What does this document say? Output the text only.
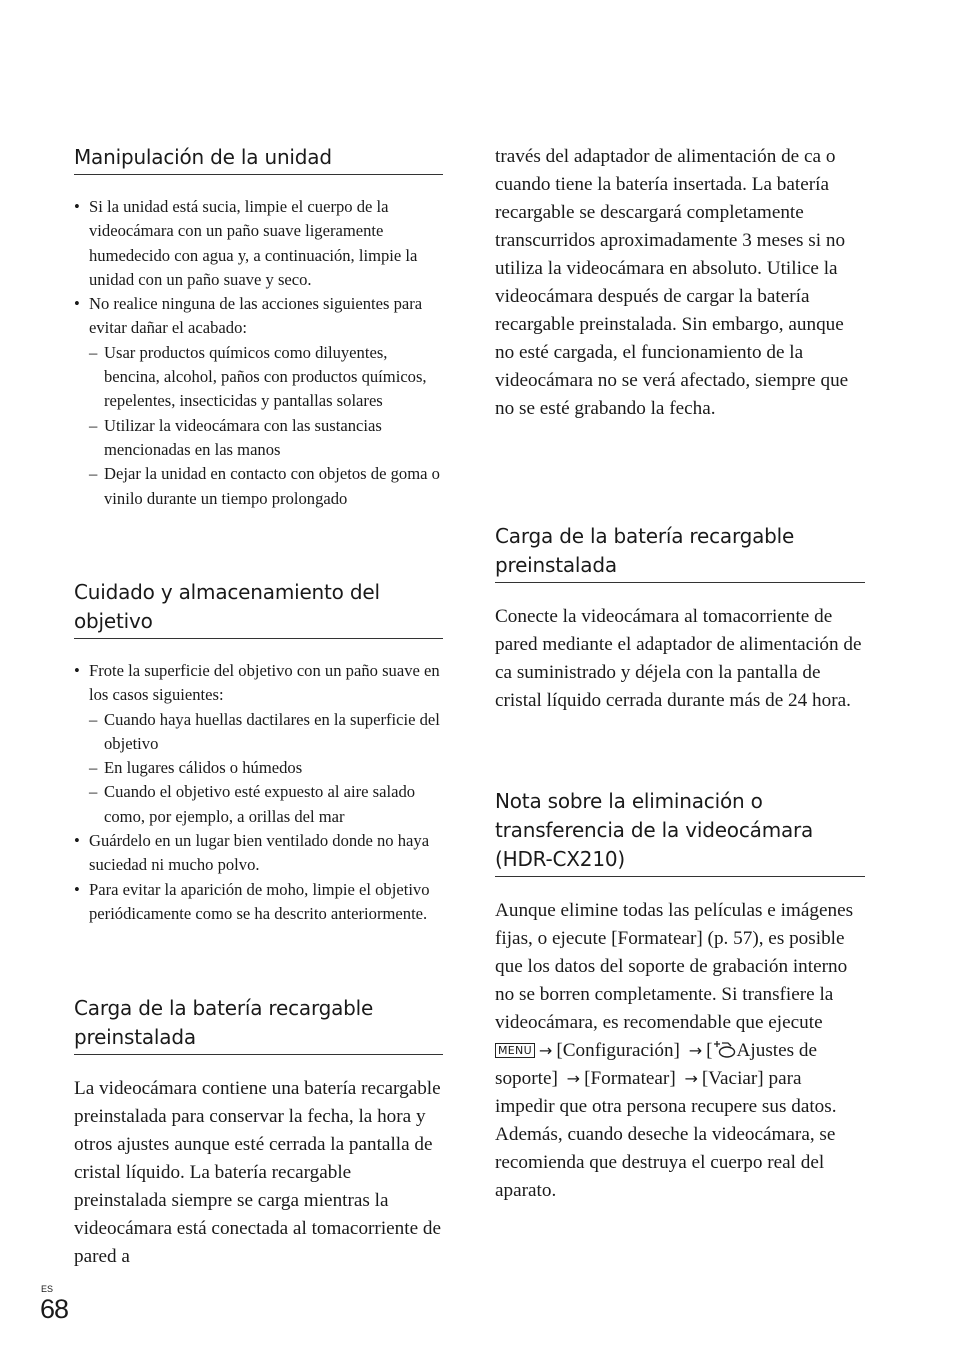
Manipulación de la unidad
• Si la unidad está sucia, limpie el cuerpo de la videocámara con un paño suave ligeramente humedecido con agua y, a continuación, limpie la unidad con un paño suave y seco.
• No realice ninguna de las acciones siguientes para evitar dañar el acabado:
– Usar productos químicos como diluyentes, bencina, alcohol, paños con productos químicos, repelentes, insecticidas y pantallas solares
– Utilizar la videocámara con las sustancias mencionadas en las manos
– Dejar la unidad en contacto con objetos de goma o vinilo durante un tiempo prolongado
Cuidado y almacenamiento del objetivo
• Frote la superficie del objetivo con un paño suave en los casos siguientes:
– Cuando haya huellas dactilares en la superficie del objetivo
– En lugares cálidos o húmedos
– Cuando el objetivo esté expuesto al aire salado como, por ejemplo, a orillas del mar
• Guárdelo en un lugar bien ventilado donde no haya suciedad ni mucho polvo.
• Para evitar la aparición de moho, limpie el objetivo periódicamente como se ha descrito anteriormente.
Carga de la batería recargable preinstalada

La videocámara contiene una batería recargable preinstalada para conservar la fecha, la hora y otros ajustes aunque esté cerrada la pantalla de cristal líquido. La batería recargable preinstalada siempre se carga mientras la videocámara está conectada al tomacorriente de pared a

través del adaptador de alimentación de ca o cuando tiene la batería insertada. La batería recargable se descargará completamente transcurridos aproximadamente 3 meses si no utiliza la videocámara en absoluto. Utilice la videocámara después de cargar la batería recargable preinstalada. Sin embargo, aunque no esté cargada, el funcionamiento de la videocámara no se verá afectado, siempre que no se esté grabando la fecha.

Carga de la batería recargable preinstalada

Conecte la videocámara al tomacorriente de pared mediante el adaptador de alimentación de ca suministrado y déjela con la pantalla de cristal líquido cerrada durante más de 24 hora.

Nota sobre la eliminación o transferencia de la videocámara (HDR-CX210)

Aunque elimine todas las películas e imágenes fijas, o ejecute [Formatear] (p. 57), es posible que los datos del soporte de grabación interno no se borren completamente. Si transfiere la videocámara, es recomendable que ejecute MENU → [Configuración] → [ Ajustes de soporte] → [Formatear] → [Vaciar] para impedir que otra persona recupere sus datos. Además, cuando deseche la videocámara, se recomienda que destruya el cuerpo real del aparato.

ES
68
